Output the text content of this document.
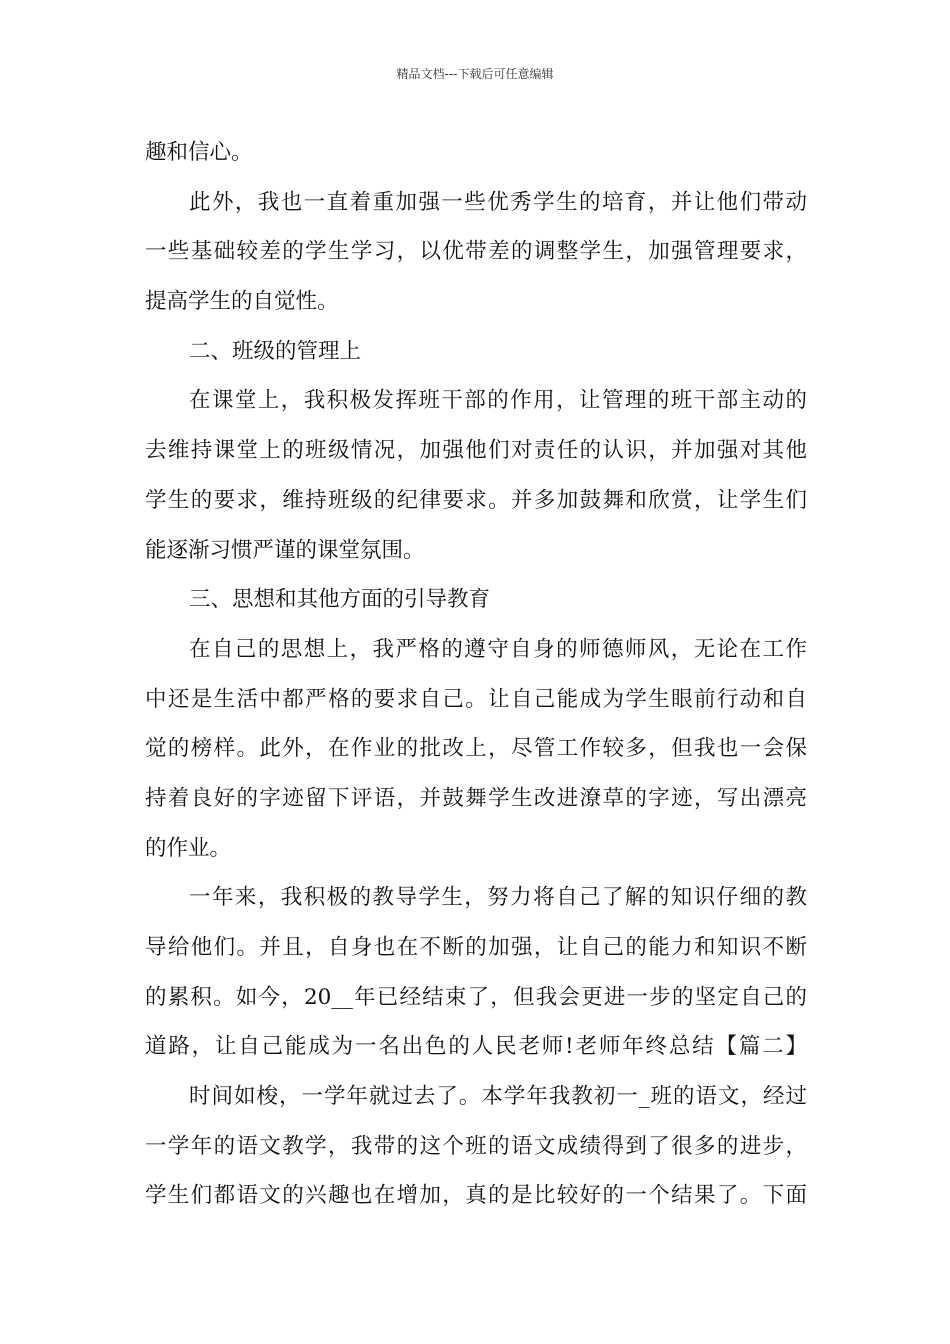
精品文档---下载后可任意编辑
趣和信心。
此外，我也一直着重加强一些优秀学生的培育，并让他们带动
一些基础较差的学生学习，以优带差的调整学生，加强管理要求，
提高学生的自觉性。
二、班级的管理上
在课堂上，我积极发挥班干部的作用，让管理的班干部主动的
去维持课堂上的班级情况，加强他们对责任的认识，并加强对其他
学生的要求，维持班级的纪律要求。并多加鼓舞和欣赏，让学生们
能逐渐习惯严谨的课堂氛围。
三、思想和其他方面的引导教育
在自己的思想上，我严格的遵守自身的师德师风，无论在工作
中还是生活中都严格的要求自己。让自己能成为学生眼前行动和自
觉的榜样。此外，在作业的批改上，尽管工作较多，但我也一会保
持着良好的字迹留下评语，并鼓舞学生改进潦草的字迹，写出漂亮
的作业。
一年来，我积极的教导学生，努力将自己了解的知识仔细的教
导给他们。并且，自身也在不断的加强，让自己的能力和知识不断
的累积。如今，20__年已经结束了，但我会更进一步的坚定自己的
道路，让自己能成为一名出色的人民老师!老师年终总结【篇二】
时间如梭，一学年就过去了。本学年我教初一_班的语文，经过
一学年的语文教学，我带的这个班的语文成绩得到了很多的进步，
学生们都语文的兴趣也在增加，真的是比较好的一个结果了。下面
